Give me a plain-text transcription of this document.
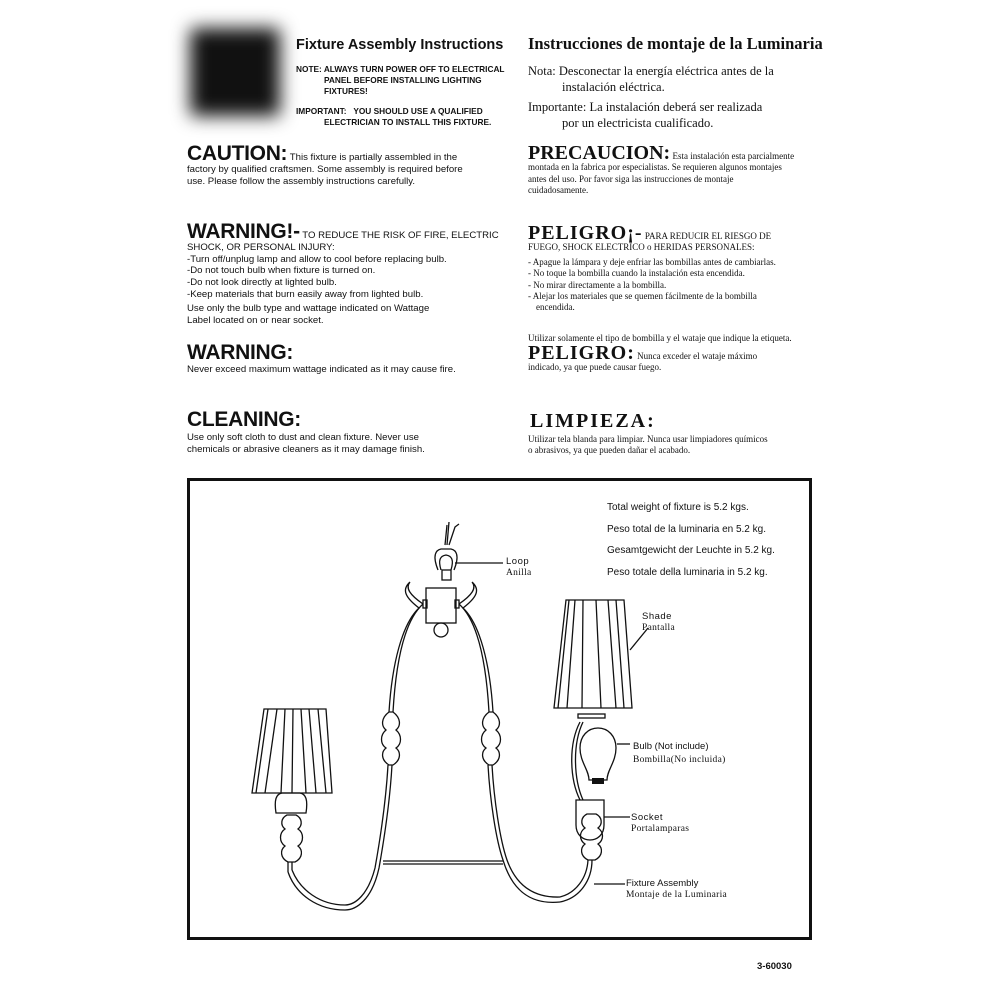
Fixture Assembly Instructions
NOTE: ALWAYS TURN POWER OFF TO ELECTRICAL
PANEL BEFORE INSTALLING LIGHTING
FIXTURES!
IMPORTANT: YOU SHOULD USE A QUALIFIED
ELECTRICIAN TO INSTALL THIS FIXTURE.
Instrucciones de montaje de la Luminaria
Nota: Desconectar la energía eléctrica antes de la
instalación eléctrica.
Importante: La instalación deberá ser realizada
por un electricista cualificado.
CAUTION: This fixture is partially assembled in the
factory by qualified craftsmen. Some assembly is required before
use. Please follow the assembly instructions carefully.
PRECAUCION: Esta instalación esta parcialmente
montada en la fabrica por especialistas. Se requieren algunos montajes
antes del uso. Por favor siga las instrucciones de montaje
cuidadosamente.
WARNING!- TO REDUCE THE RISK OF FIRE, ELECTRIC
SHOCK, OR PERSONAL INJURY:
-Turn off/unplug lamp and allow to cool before replacing bulb.
-Do not touch bulb when fixture is turned on.
-Do not look directly at lighted bulb.
-Keep materials that burn easily away from lighted bulb.

Use only the bulb type and wattage indicated on Wattage
Label located on or near socket.
WARNING:
Never exceed maximum wattage indicated as it may cause fire.
PELIGRO¡- PARA REDUCIR EL RIESGO DE
FUEGO, SHOCK ELECTRICO o HERIDAS PERSONALES:

- Apague la lámpara y deje enfriar las bombillas antes de cambiarlas.
- No toque la bombilla cuando la instalación esta encendida.
- No mirar directamente a la bombilla.
- Alejar los materiales que se quemen fácilmente de la bombilla
encendida.
Utilizar solamente el tipo de bombilla y el wataje que indique la etiqueta.
PELIGRO: Nunca exceder el wataje máximo
indicado, ya que puede causar fuego.
CLEANING:
Use only soft cloth to dust and clean fixture. Never use
chemicals or abrasive cleaners as it may damage finish.
LIMPIEZA:
Utilizar tela blanda para limpiar. Nunca usar limpiadores químicos
o abrasivos, ya que pueden dañar el acabado.
Total weight of fixture is 5.2 kgs.
Peso total de la luminaria en 5.2 kg.
Gesamtgewicht der Leuchte in 5.2 kg.
Peso totale della luminaria in 5.2 kg.
Loop
Anilla
Shade
Pantalla
Bulb (Not include)
Bombilla(No incluida)
Socket
Portalamparas
Fixture Assembly
Montaje de la Luminaria
3-60030
